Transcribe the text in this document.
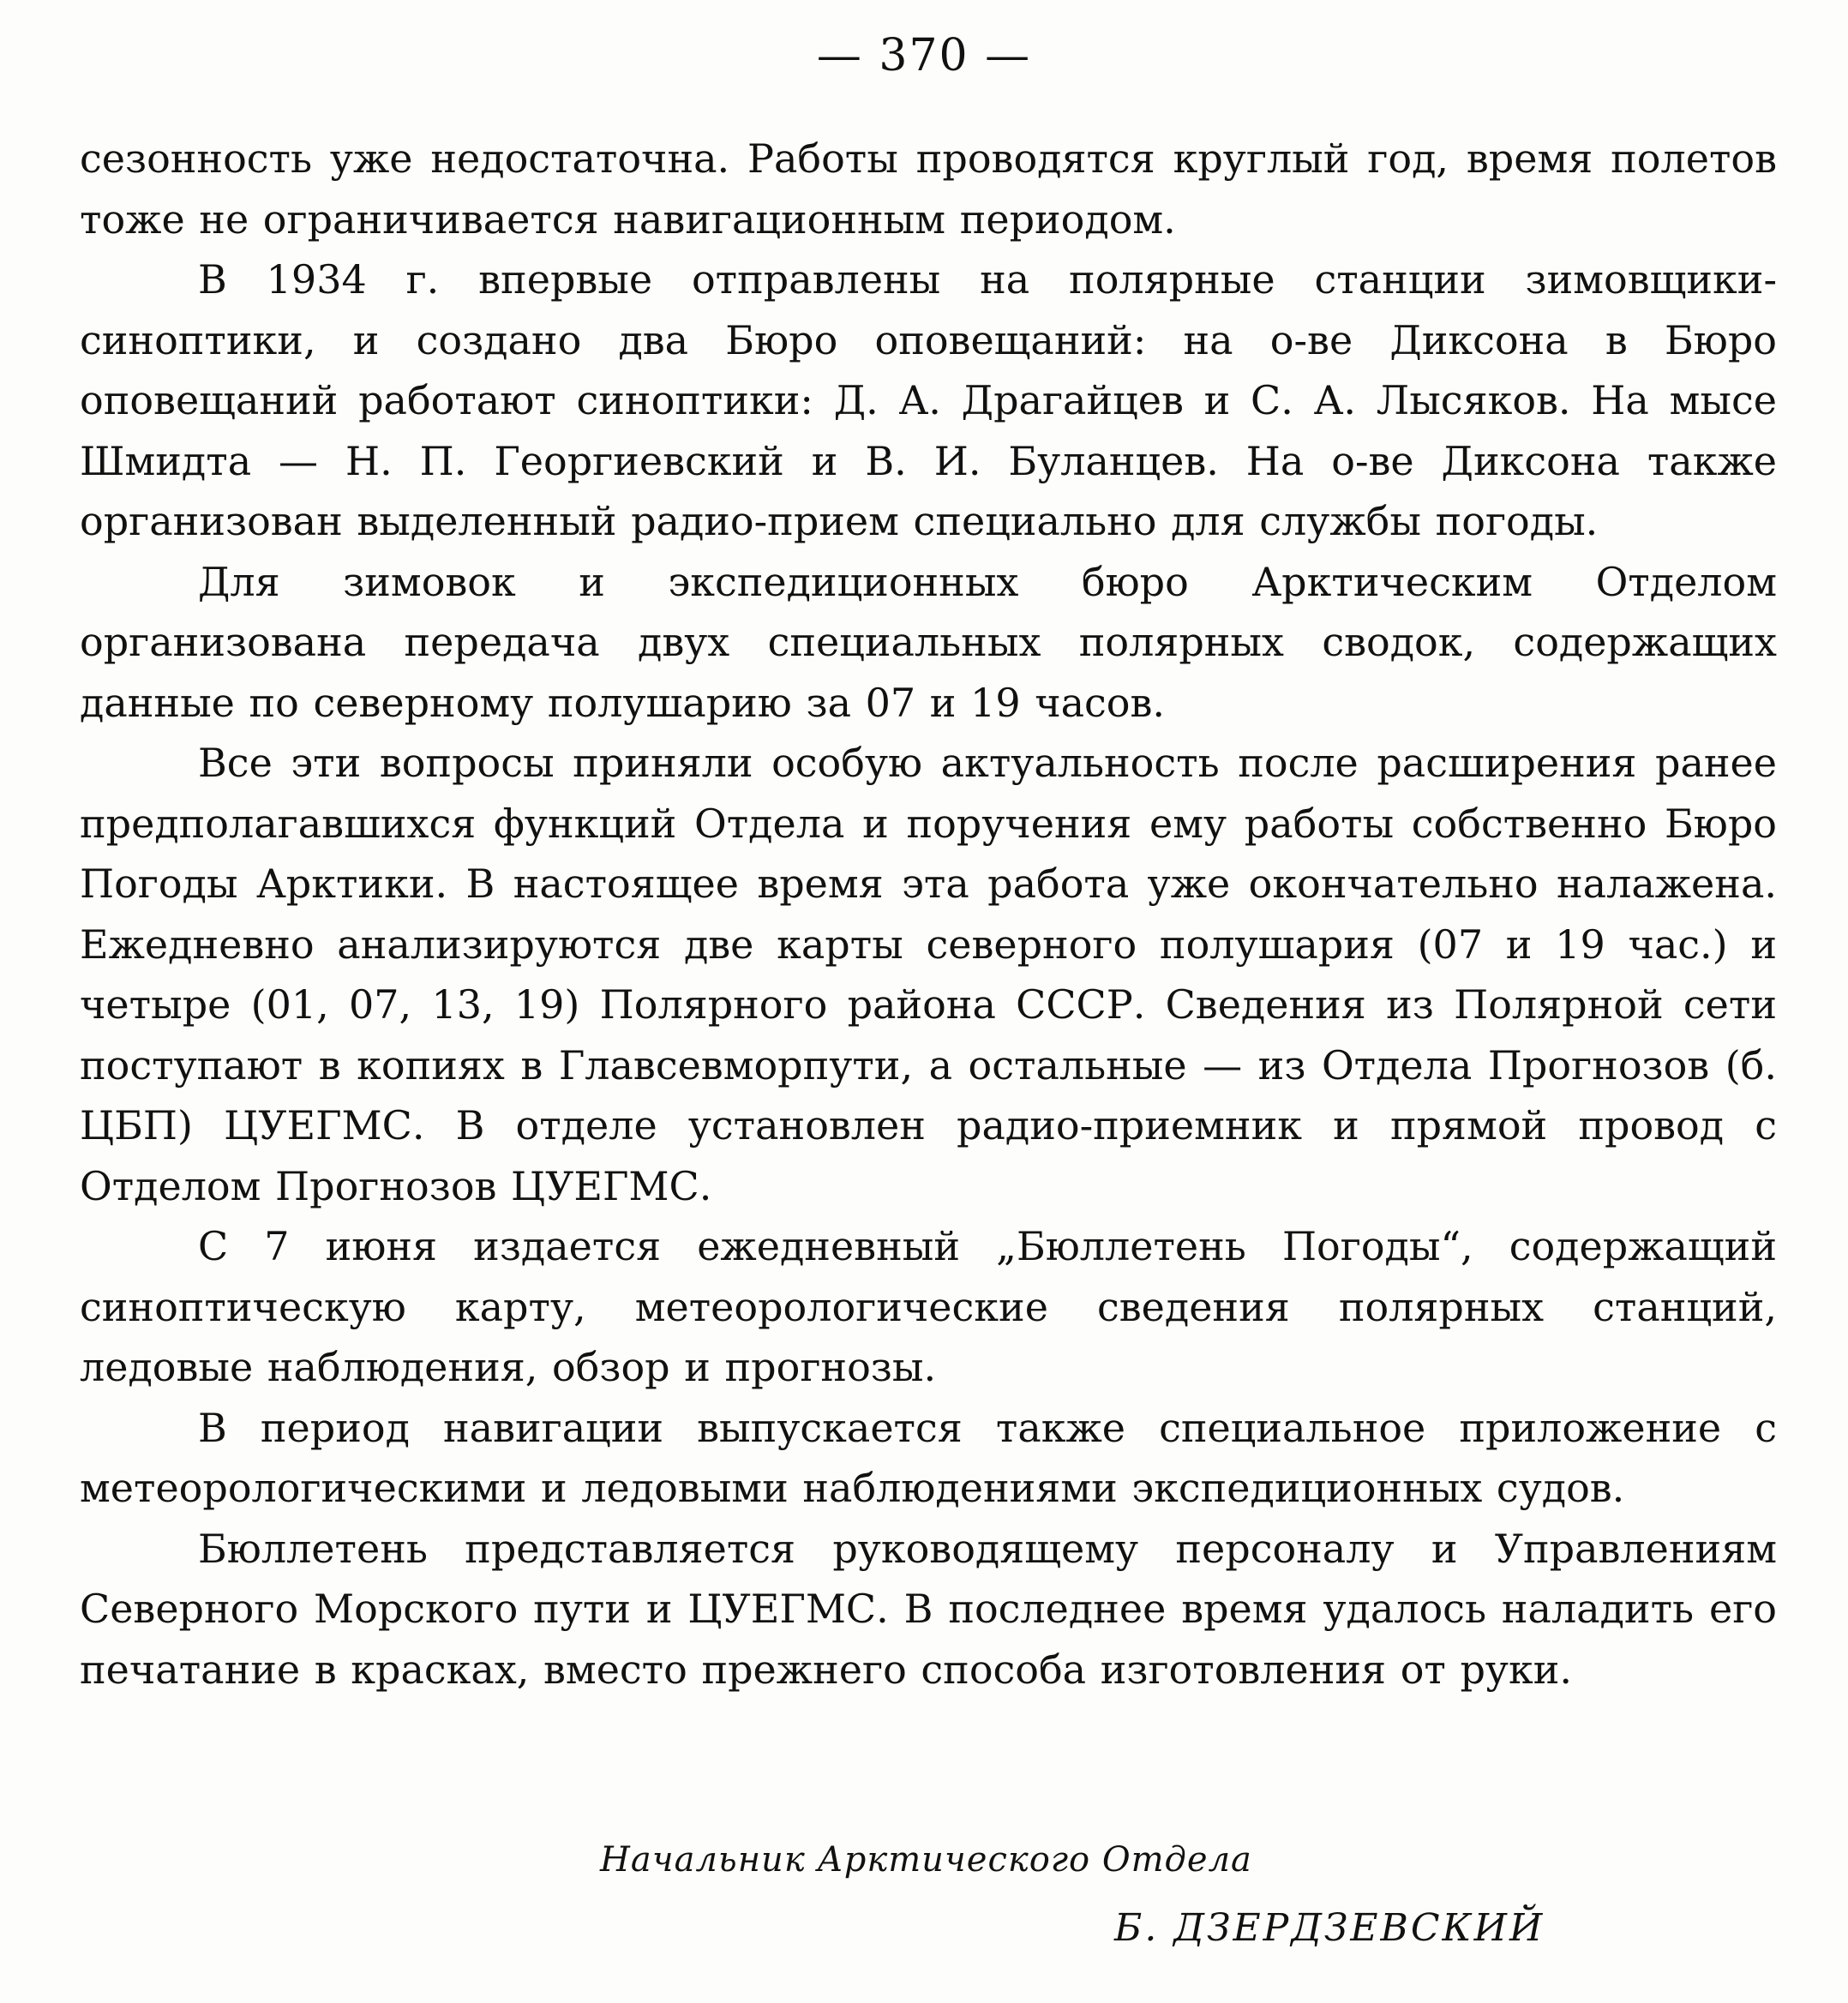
— 370 —

сезонность уже недостаточна. Работы проводятся круглый год, время полетов тоже не ограничивается навигационным периодом.

В 1934 г. впервые отправлены на полярные станции зимовщики-синоптики, и создано два Бюро оповещаний: на о-ве Диксона в Бюро оповещаний работают синоптики: Д. А. Драгайцев и С. А. Лысяков. На мысе Шмидта — Н. П. Георгиевский и В. И. Буланцев. На о-ве Диксона также организован выделенный радио-прием специально для службы погоды.

Для зимовок и экспедиционных бюро Арктическим Отделом организована передача двух специальных полярных сводок, содержащих данные по северному полушарию за 07 и 19 часов.

Все эти вопросы приняли особую актуальность после расширения ранее предполагавшихся функций Отдела и поручения ему работы собственно Бюро Погоды Арктики. В настоящее время эта работа уже окончательно налажена. Ежедневно анализируются две карты северного полушария (07 и 19 час.) и четыре (01, 07, 13, 19) Полярного района СССР. Сведения из Полярной сети поступают в копиях в Главсевморпути, а остальные — из Отдела Прогнозов (б. ЦБП) ЦУЕГМС. В отделе установлен радио-приемник и прямой провод с Отделом Прогнозов ЦУЕГМС.

С 7 июня издается ежедневный „Бюллетень Погоды“, содержащий синоптическую карту, метеорологические сведения полярных станций, ледовые наблюдения, обзор и прогнозы.

В период навигации выпускается также специальное приложение с метеорологическими и ледовыми наблюдениями экспедиционных судов.

Бюллетень представляется руководящему персоналу и Управлениям Северного Морского пути и ЦУЕГМС. В последнее время удалось наладить его печатание в красках, вместо прежнего способа изготовления от руки.

Начальник Арктического Отдела
Б. ДЗЕРДЗЕВСКИЙ
